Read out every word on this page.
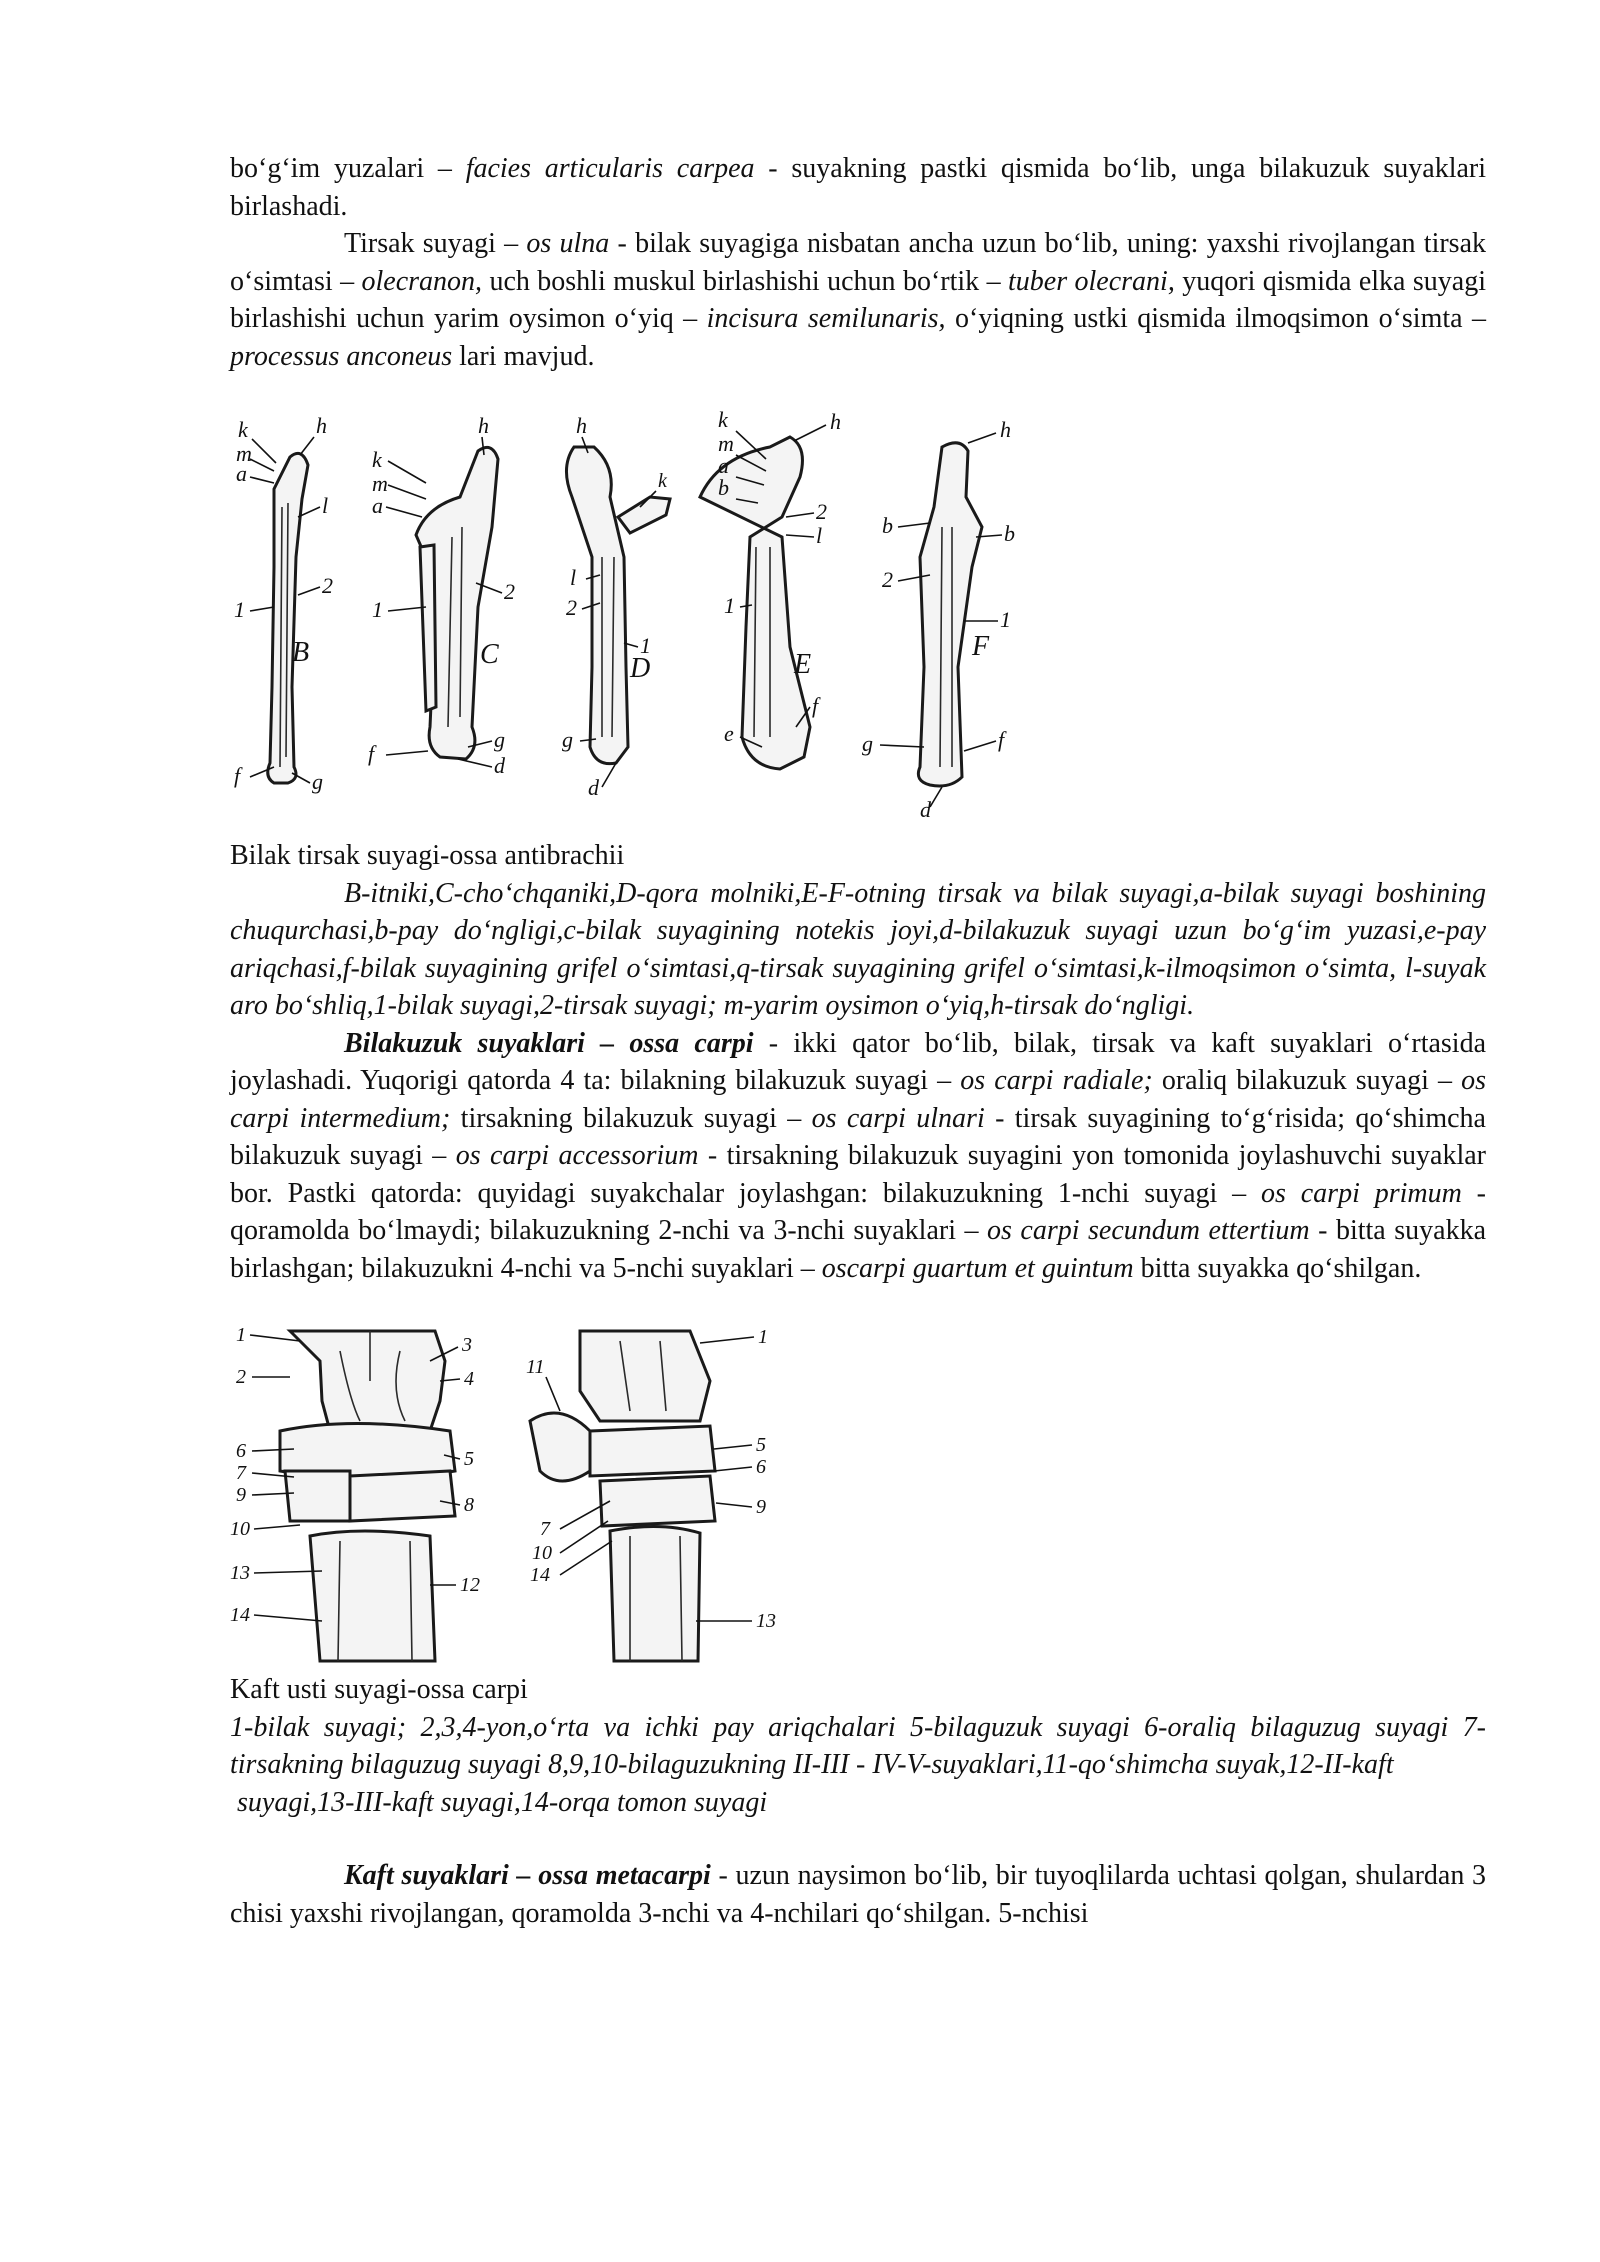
bo‘g‘im yuzalari – facies articularis carpea - suyakning pastki qismida bo‘lib, unga bilakuzuk suyaklari birlashadi.

Tirsak suyagi – os ulna - bilak suyagiga nisbatan ancha uzun bo‘lib, uning: yaxshi rivojlangan tirsak o‘simtasi – olecranon, uch boshli muskul birlashishi uchun bo‘rtik – tuber olecrani, yuqori qismida elka suyagi birlashishi uchun yarim oysimon o‘yiq – incisura semilunaris, o‘yiqning ustki qismida ilmoqsimon o‘simta – processus anconeus lari mavjud.

k
m
a
h
l
2
1
B
f	g
h
k
m
a
2
1
C
f
g
d
h
k
l
2
1
D
g
d
k
m
a
b
h
2
l
1
E
f
e
h
b	b
2
1
F
g	f
d

Bilak tirsak suyagi-ossa antibrachii

B-itniki,C-cho‘chqaniki,D-qora molniki,E-F-otning tirsak va bilak suyagi,a-bilak suyagi boshining chuqurchasi,b-pay do‘ngligi,c-bilak suyagining notekis joyi,d-bilakuzuk suyagi uzun bo‘g‘im yuzasi,e-pay ariqchasi,f-bilak suyagining grifel o‘simtasi,q-tirsak suyagining grifel o‘simtasi,k-ilmoqsimon o‘simta, l-suyak aro bo‘shliq,1-bilak suyagi,2-tirsak suyagi; m-yarim oysimon o‘yiq,h-tirsak do‘ngligi.

Bilakuzuk suyaklari – ossa carpi - ikki qator bo‘lib, bilak, tirsak va kaft suyaklari o‘rtasida joylashadi. Yuqorigi qatorda 4 ta: bilakning bilakuzuk suyagi – os carpi radiale; oraliq bilakuzuk suyagi – os carpi intermedium; tirsakning bilakuzuk suyagi – os carpi ulnari - tirsak suyagining to‘g‘risida; qo‘shimcha bilakuzuk suyagi – os carpi accessorium - tirsakning bilakuzuk suyagini yon tomonida joylashuvchi suyaklar bor. Pastki qatorda: quyidagi suyakchalar joylashgan: bilakuzukning 1-nchi suyagi – os carpi primum - qoramolda bo‘lmaydi; bilakuzukning 2-nchi va 3-nchi suyaklari – os carpi secundum ettertium - bitta suyakka birlashgan; bilakuzukni 4-nchi va 5-nchi suyaklari – oscarpi guartum et guintum bitta suyakka qo‘shilgan.

1
2
3
4
5
6
7
8
9
10
13
14
12
1
11
5
6
9
7
10
14
13

Kaft usti suyagi-ossa carpi

1-bilak suyagi; 2,3,4-yon,o‘rta va ichki pay ariqchalari 5-bilaguzuk suyagi 6-oraliq bilaguzug suyagi 7-tirsakning bilaguzug suyagi 8,9,10-bilaguzukning II-III - IV-V-suyaklari,11-qo‘shimcha suyak,12-II-kaft

suyagi,13-III-kaft suyagi,14-orqa tomon suyagi

Kaft suyaklari – ossa metacarpi - uzun naysimon bo‘lib, bir tuyoqlilarda uchtasi qolgan, shulardan 3 chisi yaxshi rivojlangan, qoramolda 3-nchi va 4-nchilari qo‘shilgan. 5-nchisi
